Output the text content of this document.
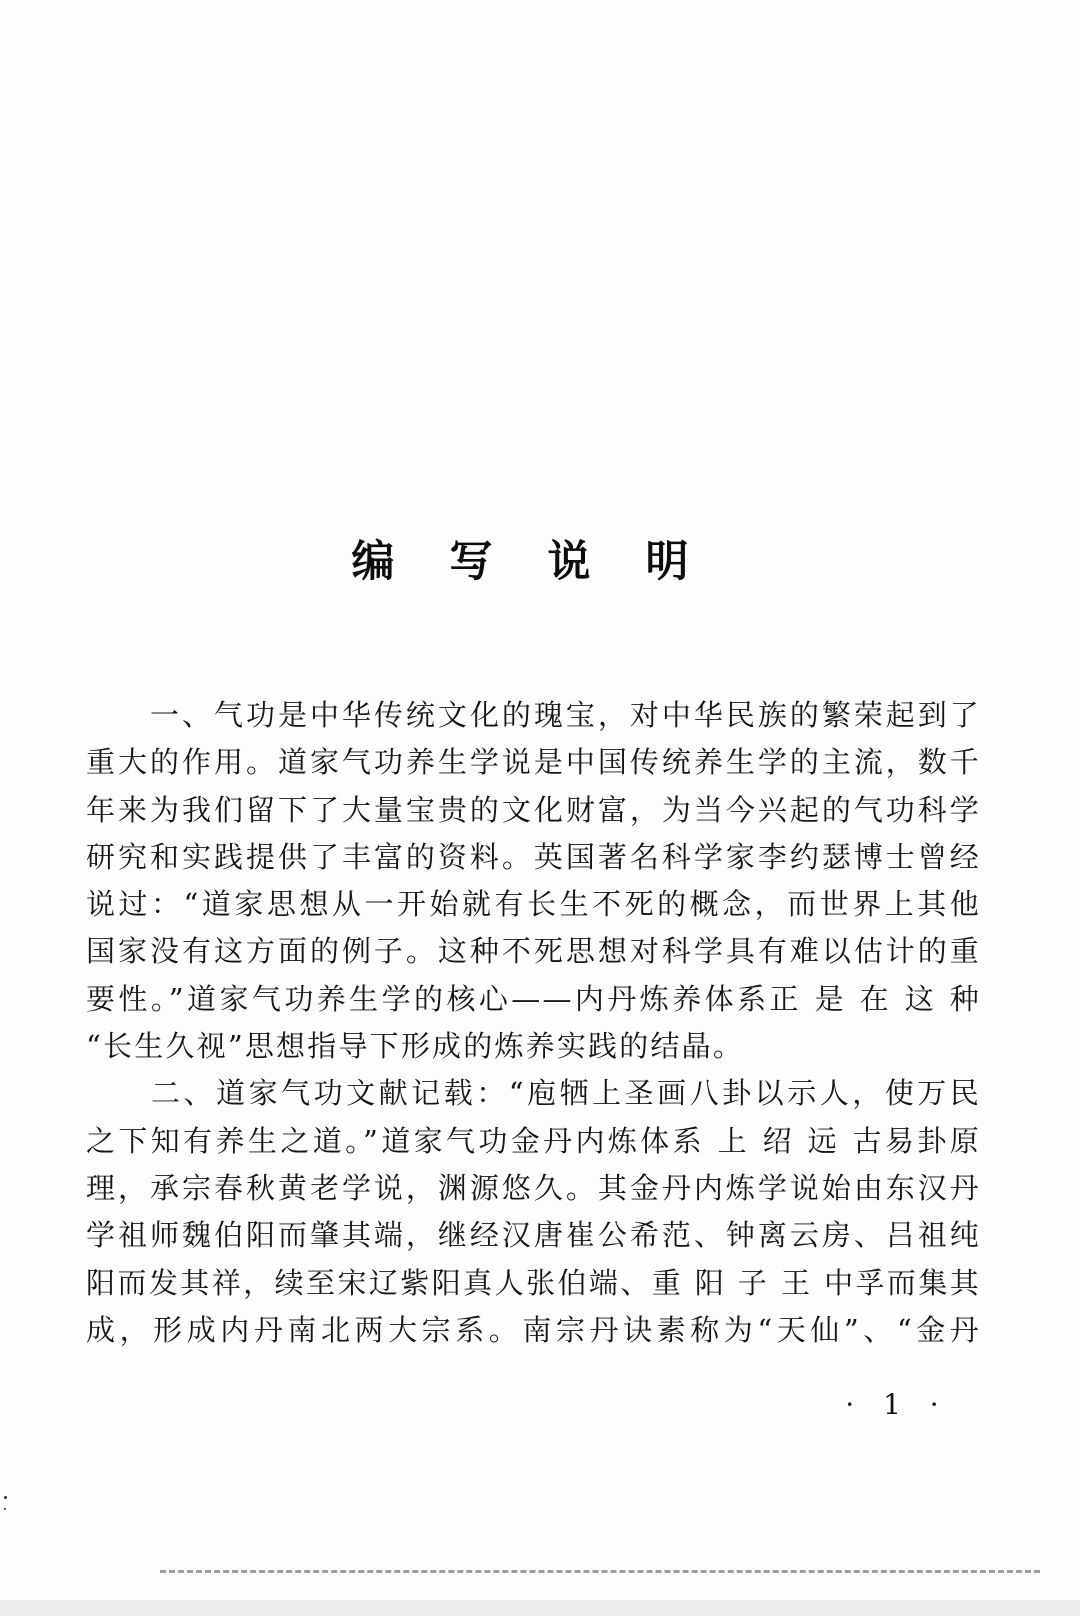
编 写 说 明
　　一、气功是中华传统文化的瑰宝，对中华民族的繁荣起到了
重大的作用。道家气功养生学说是中国传统养生学的主流，数千
年来为我们留下了大量宝贵的文化财富，为当今兴起的气功科学
研究和实践提供了丰富的资料。英国著名科学家李约瑟博士曾经
说过：“道家思想从一开始就有长生不死的概念，而世界上其他
国家没有这方面的例子。这种不死思想对科学具有难以估计的重
要性。”道家气功养生学的核心——内丹炼养体系正 是 在 这 种
“长生久视”思想指导下形成的炼养实践的结晶。
　　二、道家气功文献记载：“庖牺上圣画八卦以示人，使万民
之下知有养生之道。”道家气功金丹内炼体系 上 绍 远 古易卦原
理，承宗春秋黄老学说，渊源悠久。其金丹内炼学说始由东汉丹
学祖师魏伯阳而肇其端，继经汉唐崔公希范、钟离云房、吕祖纯
阳而发其祥，续至宋辽紫阳真人张伯端、重 阳 子 王 中孚而集其
成，形成内丹南北两大宗系。南宗丹诀素称为“天仙”、“金丹
· 1 ·
